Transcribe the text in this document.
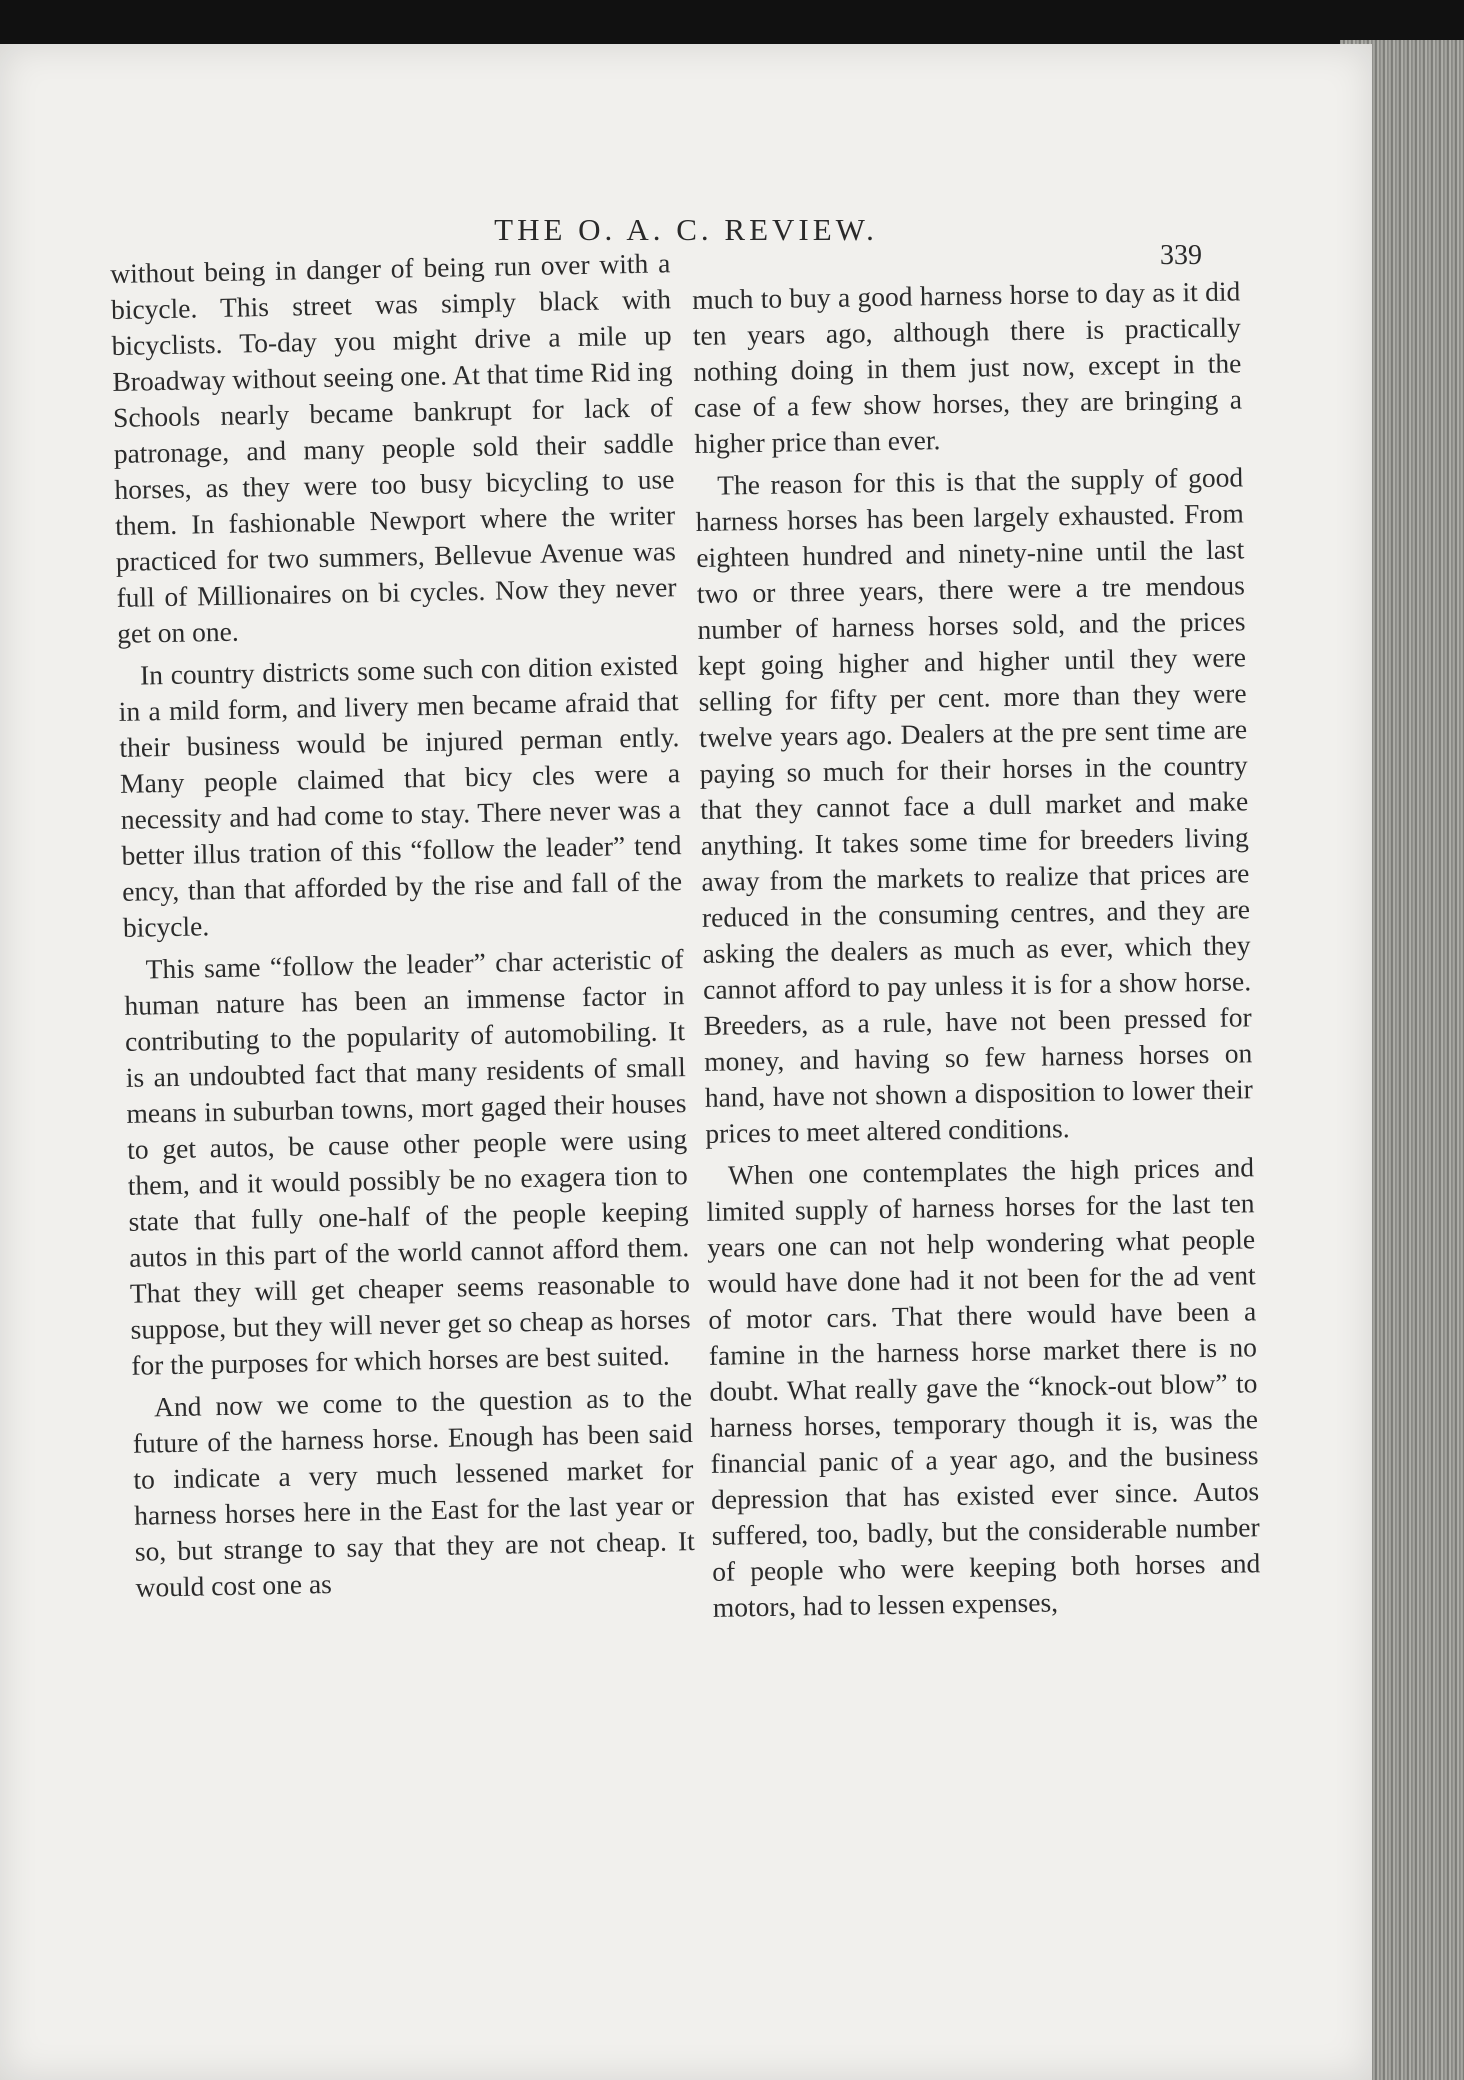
THE O. A. C. REVIEW.
339

without being in danger of being run over with a bicycle. This street was simply black with bicyclists. To-day you might drive a mile up Broadway without seeing one. At that time Rid ing Schools nearly became bankrupt for lack of patronage, and many people sold their saddle horses, as they were too busy bicycling to use them. In fashionable Newport where the writer practiced for two summers, Bellevue Avenue was full of Millionaires on bi cycles. Now they never get on one.

In country districts some such con dition existed in a mild form, and livery men became afraid that their business would be injured perman ently. Many people claimed that bicy cles were a necessity and had come to stay. There never was a better illus tration of this “follow the leader” tend ency, than that afforded by the rise and fall of the bicycle.

This same “follow the leader” char acteristic of human nature has been an immense factor in contributing to the popularity of automobiling. It is an undoubted fact that many residents of small means in suburban towns, mort gaged their houses to get autos, be cause other people were using them, and it would possibly be no exagera tion to state that fully one-half of the people keeping autos in this part of the world cannot afford them. That they will get cheaper seems reasonable to suppose, but they will never get so cheap as horses for the purposes for which horses are best suited.

And now we come to the question as to the future of the harness horse. Enough has been said to indicate a very much lessened market for harness horses here in the East for the last year or so, but strange to say that they are not cheap. It would cost one as

much to buy a good harness horse to day as it did ten years ago, although there is practically nothing doing in them just now, except in the case of a few show horses, they are bringing a higher price than ever.

The reason for this is that the supply of good harness horses has been largely exhausted. From eighteen hundred and ninety-nine until the last two or three years, there were a tre mendous number of harness horses sold, and the prices kept going higher and higher until they were selling for fifty per cent. more than they were twelve years ago. Dealers at the pre sent time are paying so much for their horses in the country that they cannot face a dull market and make anything. It takes some time for breeders living away from the markets to realize that prices are reduced in the consuming centres, and they are asking the dealers as much as ever, which they cannot afford to pay unless it is for a show horse. Breeders, as a rule, have not been pressed for money, and having so few harness horses on hand, have not shown a disposition to lower their prices to meet altered conditions.

When one contemplates the high prices and limited supply of harness horses for the last ten years one can not help wondering what people would have done had it not been for the ad vent of motor cars. That there would have been a famine in the harness horse market there is no doubt. What really gave the “knock-out blow” to harness horses, temporary though it is, was the financial panic of a year ago, and the business depression that has existed ever since. Autos suffered, too, badly, but the considerable number of people who were keeping both horses and motors, had to lessen expenses,
